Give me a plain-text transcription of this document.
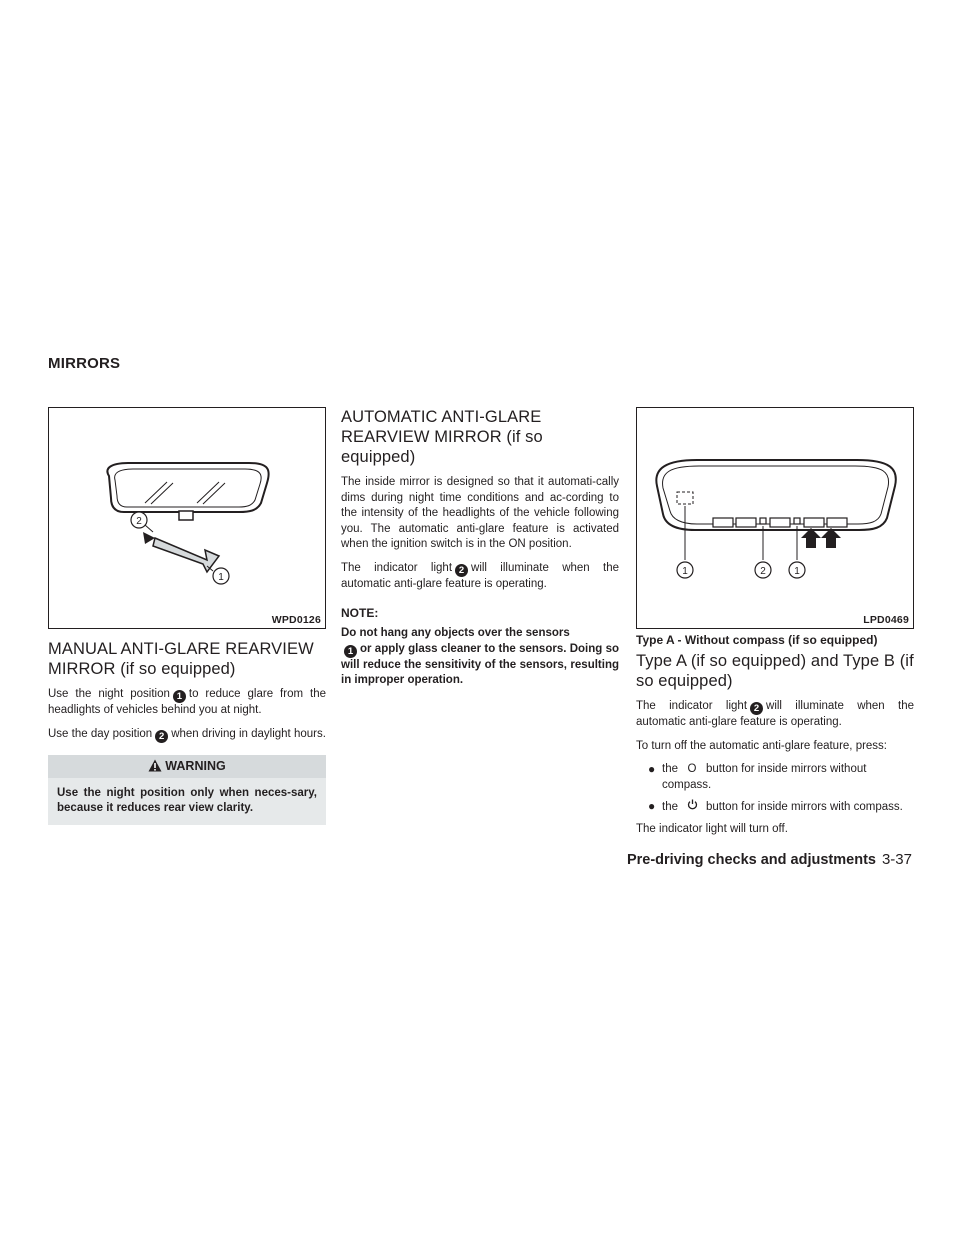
MIRRORS
2
1
WPD0126
MANUAL ANTI-GLARE REARVIEW MIRROR (if so equipped)

Use the night position 1 to reduce glare from the headlights of vehicles behind you at night.

Use the day position 2 when driving in daylight hours.

WARNING
Use the night position only when neces-sary, because it reduces rear view clarity.
AUTOMATIC ANTI-GLARE REARVIEW MIRROR (if so equipped)

The inside mirror is designed so that it automati-cally dims during night time conditions and ac-cording to the intensity of the headlights of the vehicle following you. The automatic anti-glare feature is activated when the ignition switch is in the ON position.

The indicator light 2 will illuminate when the automatic anti-glare feature is operating.

NOTE:
Do not hang any objects over the sensors
1 or apply glass cleaner to the sensors. Doing so will reduce the sensitivity of the sensors, resulting in improper operation.
1	2	1
LPD0469
Type A - Without compass (if so equipped)
Type A (if so equipped) and Type B (if so equipped)

The indicator light 2 will illuminate when the automatic anti-glare feature is operating.

To turn off the automatic anti-glare feature, press:

● the O button for inside mirrors without compass.
● the button for inside mirrors with compass.

The indicator light will turn off.

Pre-driving checks and adjustments 3-37
